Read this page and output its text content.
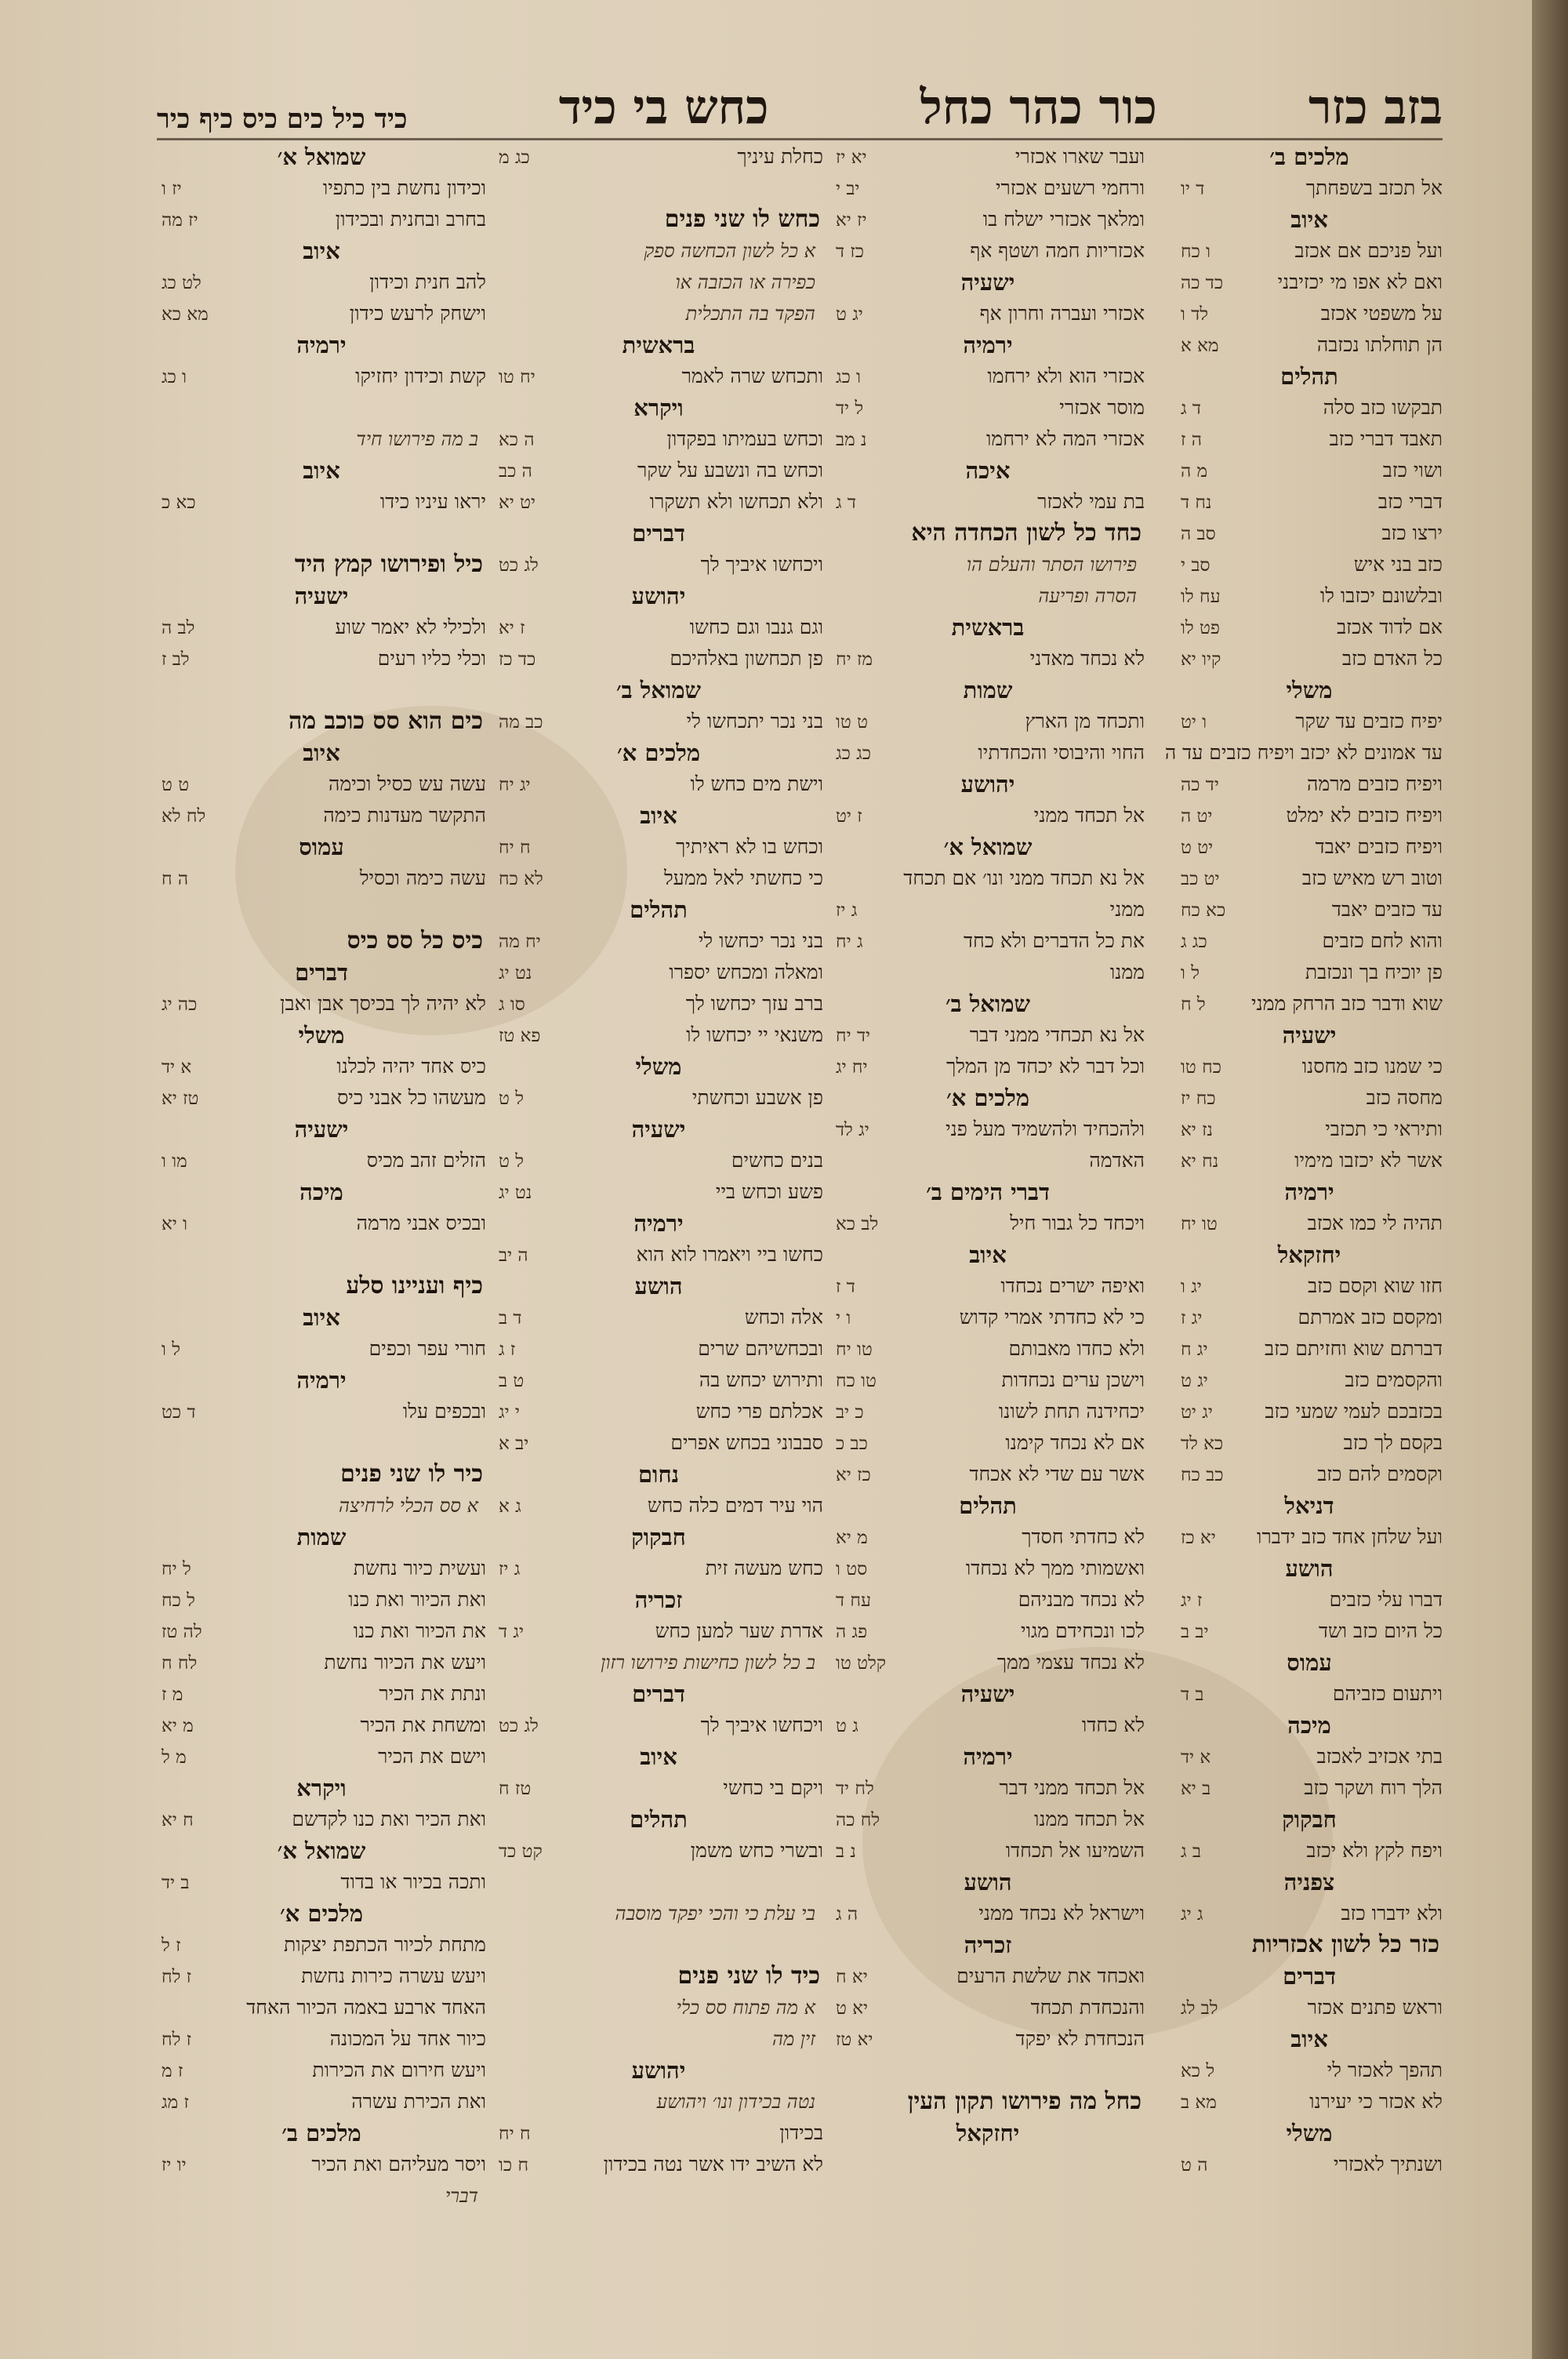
בזב כזר
כור כהר כחל
כחש בי כיד
כיד כיל כים כיס כיף כיר
מלכים ב׳
אל תכזב בשפחתך
ד יו
איוב
ועל פניכם אם אכזב
ו כח
ואם לא אפו מי יכזיבני
כד כה
על משפטי אכזב
לד ו
הן תוחלתו נכזבה
מא א
תהלים
תבקשו כזב סלה
ד ג
תאבד דברי כזב
ה ז
ושוי כזב
מ ה
דברי כזב
נח ד
ירצו כזב
סב ה
כזב בני איש
סב י
ובלשונם יכזבו לו
עח לו
אם לדוד אכזב
פט לו
כל האדם כזב
קיו יא
משלי
יפיח כזבים עד שקר
ו יט
עד אמונים לא יכזב ויפיח כזבים עד ה
ויפיח כזבים מרמה
יד כה
ויפיח כזבים לא ימלט
יט ה
ויפיח כזבים יאבד
יט ט
וטוב רש מאיש כזב
יט כב
עד כזבים יאבד
כא כח
והוא לחם כזבים
כג ג
פן יוכיח בך ונכזבת
ל ו
שוא ודבר כזב הרחק ממני
ל ח
ישעיה
כי שמנו כזב מחסנו
כח טו
מחסה כזב
כח יז
ותיראי כי תכזבי
נז יא
אשר לא יכזבו מימיו
נח יא
ירמיה
תהיה לי כמו אכזב
טו יח
יחזקאל
חזו שוא וקסם כזב
יג ו
ומקסם כזב אמרתם
יג ז
דברתם שוא וחזיתם כזב
יג ח
והקסמים כזב
יג ט
בכזבכם לעמי שמעי כזב
יג יט
בקסם לך כזב
כא לד
וקסמים להם כזב
כב כח
דניאל
ועל שלחן אחד כזב ידברו
יא כז
הושע
דברו עלי כזבים
ז יג
כל היום כזב ושד
יב ב
עמוס
ויתעום כזביהם
ב ד
מיכה
בתי אכזיב לאכזב
א יד
הלך רוח ושקר כזב
ב יא
חבקוק
ויפח לקץ ולא יכזב
ב ג
צפניה
ולא ידברו כזב
ג יג
כזר כל לשון אכזריות
דברים
וראש פתנים אכזר
לב לג
איוב
תהפך לאכזר לי
ל כא
לא אכזר כי יעירנו
מא ב
משלי
ושנתיך לאכזרי
ה ט
ועבר שארו אכזרי
יא יז
ורחמי רשעים אכזרי
יב י
ומלאך אכזרי ישלח בו
יז יא
אכזריות חמה ושטף אף
כז ד
ישעיה
אכזרי ועברה וחרון אף
יג ט
ירמיה
אכזרי הוא ולא ירחמו
ו כג
מוסר אכזרי
ל יד
אכזרי המה לא ירחמו
נ מב
איכה
בת עמי לאכזר
ד ג
כחד כל לשון הכחדה היא
פירושו הסתר והעלם הו
הסרה ופריעה
בראשית
לא נכחד מאדני
מז יח
שמות
ותכחד מן הארץ
ט טו
החוי והיבוסי והכחדתיו
כג כג
יהושע
אל תכחד ממני
ז יט
שמואל א׳
אל נא תכחד ממני ונו׳ אם תכחד
ממני
ג יז
את כל הדברים ולא כחד
ג יח
ממנו
שמואל ב׳
אל נא תכחדי ממני דבר
יד יח
וכל דבר לא יכחד מן המלך
יח יג
מלכים א׳
ולהכחיד ולהשמיד מעל פני
יג לד
האדמה
דברי הימים ב׳
ויכחד כל גבור חיל
לב כא
איוב
ואיפה ישרים נכחדו
ד ז
כי לא כחדתי אמרי קדוש
ו י
ולא כחדו מאבותם
טו יח
וישכן ערים נכחדות
טו כח
יכחידנה תחת לשונו
כ יב
אם לא נכחד קימנו
כב כ
אשר עם שדי לא אכחד
כז יא
תהלים
לא כחדתי חסדך
מ יא
ואשמותי ממך לא נכחדו
סט ו
לא נכחד מבניהם
עח ד
לכו ונכחידם מגוי
פג ה
לא נכחד עצמי ממך
קלט טו
ישעיה
לא כחדו
ג ט
ירמיה
אל תכחד ממני דבר
לח יד
אל תכחד ממנו
לח כה
השמיעו אל תכחדו
נ ב
הושע
וישראל לא נכחד ממני
ה ג
זכריה
ואכחד את שלשת הרעים
יא ח
והנכחדת תכחד
יא ט
הנכחדת לא יפקד
יא טז
כחל מה פירושו תקון העין
יחזקאל
כחלת עיניך
כג מ
כחש לו שני פנים
א כל לשון הכחשה ספק
כפירה או הכזבה או
הפקד בה התכלית
בראשית
ותכחש שרה לאמר
יח טו
ויקרא
וכחש בעמיתו בפקדון
ה כא
וכחש בה ונשבע על שקר
ה כב
ולא תכחשו ולא תשקרו
יט יא
דברים
ויכחשו איביך לך
לג כט
יהושע
וגם גנבו וגם כחשו
ז יא
פן תכחשון באלהיכם
כד כז
שמואל ב׳
בני נכר יתכחשו לי
כב מה
מלכים א׳
וישת מים כחש לו
יג יח
איוב
וכחש בו לא ראיתיך
ח יח
כי כחשתי לאל ממעל
לא כח
תהלים
בני נכר יכחשו לי
יח מה
ומאלה ומכחש יספרו
נט יג
ברב עזך יכחשו לך
סו ג
משנאי יי יכחשו לו
פא טז
משלי
פן אשבע וכחשתי
ל ט
ישעיה
בנים כחשים
ל ט
פשע וכחש ביי
נט יג
ירמיה
כחשו ביי ויאמרו לוא הוא
ה יב
הושע
אלה וכחש
ד ב
ובכחשיהם שרים
ז ג
ותירוש יכחש בה
ט ב
אכלתם פרי כחש
י יג
סבבוני בכחש אפרים
יב א
נחום
הוי עיר דמים כלה כחש
ג א
חבקוק
כחש מעשה זית
ג יז
זכריה
אדרת שער למען כחש
יג ד
ב כל לשון כחישות פירושו רזון
דברים
ויכחשו איביך לך
לג כט
איוב
ויקם בי כחשי
טז ח
תהלים
ובשרי כחש משמן
קט כד
בי עלת כי והכי יפקד מוסבה
כיד לו שני פנים
א מה פתוח סס כלי
זין מה
יהושע
נטה בכידון ונו׳ ויהושע
בכידון
ח יח
לא השיב ידו אשר נטה בכידון
ח כו
שמואל א׳
וכידון נחשת בין כתפיו
יז ו
בחרב ובחנית ובכידון
יז מה
איוב
להב חנית וכידון
לט כג
וישחק לרעש כידון
מא כא
ירמיה
קשת וכידון יחזיקו
ו כג
ב מה פירושו חיד
איוב
יראו עיניו כידו
כא כ
כיל ופירושו קמץ היד
ישעיה
ולכילי לא יאמר שוע
לב ה
וכלי כליו רעים
לב ז
כים הוא סס כוכב מה
איוב
עשה עש כסיל וכימה
ט ט
התקשר מעדנות כימה
לח לא
עמוס
עשה כימה וכסיל
ה ח
כיס כל סס כיס
דברים
לא יהיה לך בכיסך אבן ואבן
כה יג
משלי
כיס אחד יהיה לכלנו
א יד
מעשהו כל אבני כיס
טז יא
ישעיה
הזלים זהב מכיס
מו ו
מיכה
ובכיס אבני מרמה
ו יא
כיף ועניינו סלע
איוב
חורי עפר וכפים
ל ו
ירמיה
ובכפים עלו
ד כט
כיר לו שני פנים
א סס הכלי לרחיצה
שמות
ועשית כיור נחשת
ל יח
ואת הכיור ואת כנו
ל כח
את הכיור ואת כנו
לה טז
ויעש את הכיור נחשת
לח ח
ונתת את הכיר
מ ז
ומשחת את הכיר
מ יא
וישם את הכיר
מ ל
ויקרא
ואת הכיר ואת כנו לקדשם
ח יא
שמואל א׳
ותכה בכיור או בדוד
ב יד
מלכים א׳
מתחת לכיור הכתפת יצקות
ז ל
ויעש עשרה כירות נחשת
ז לח
האחד ארבע באמה הכיור האחד
כיור אחד על המכונה
ז לח
ויעש חירום את הכירות
ז מ
ואת הכירת עשרה
ז מג
מלכים ב׳
ויסר מעליהם ואת הכיר
יו יז
דברי
